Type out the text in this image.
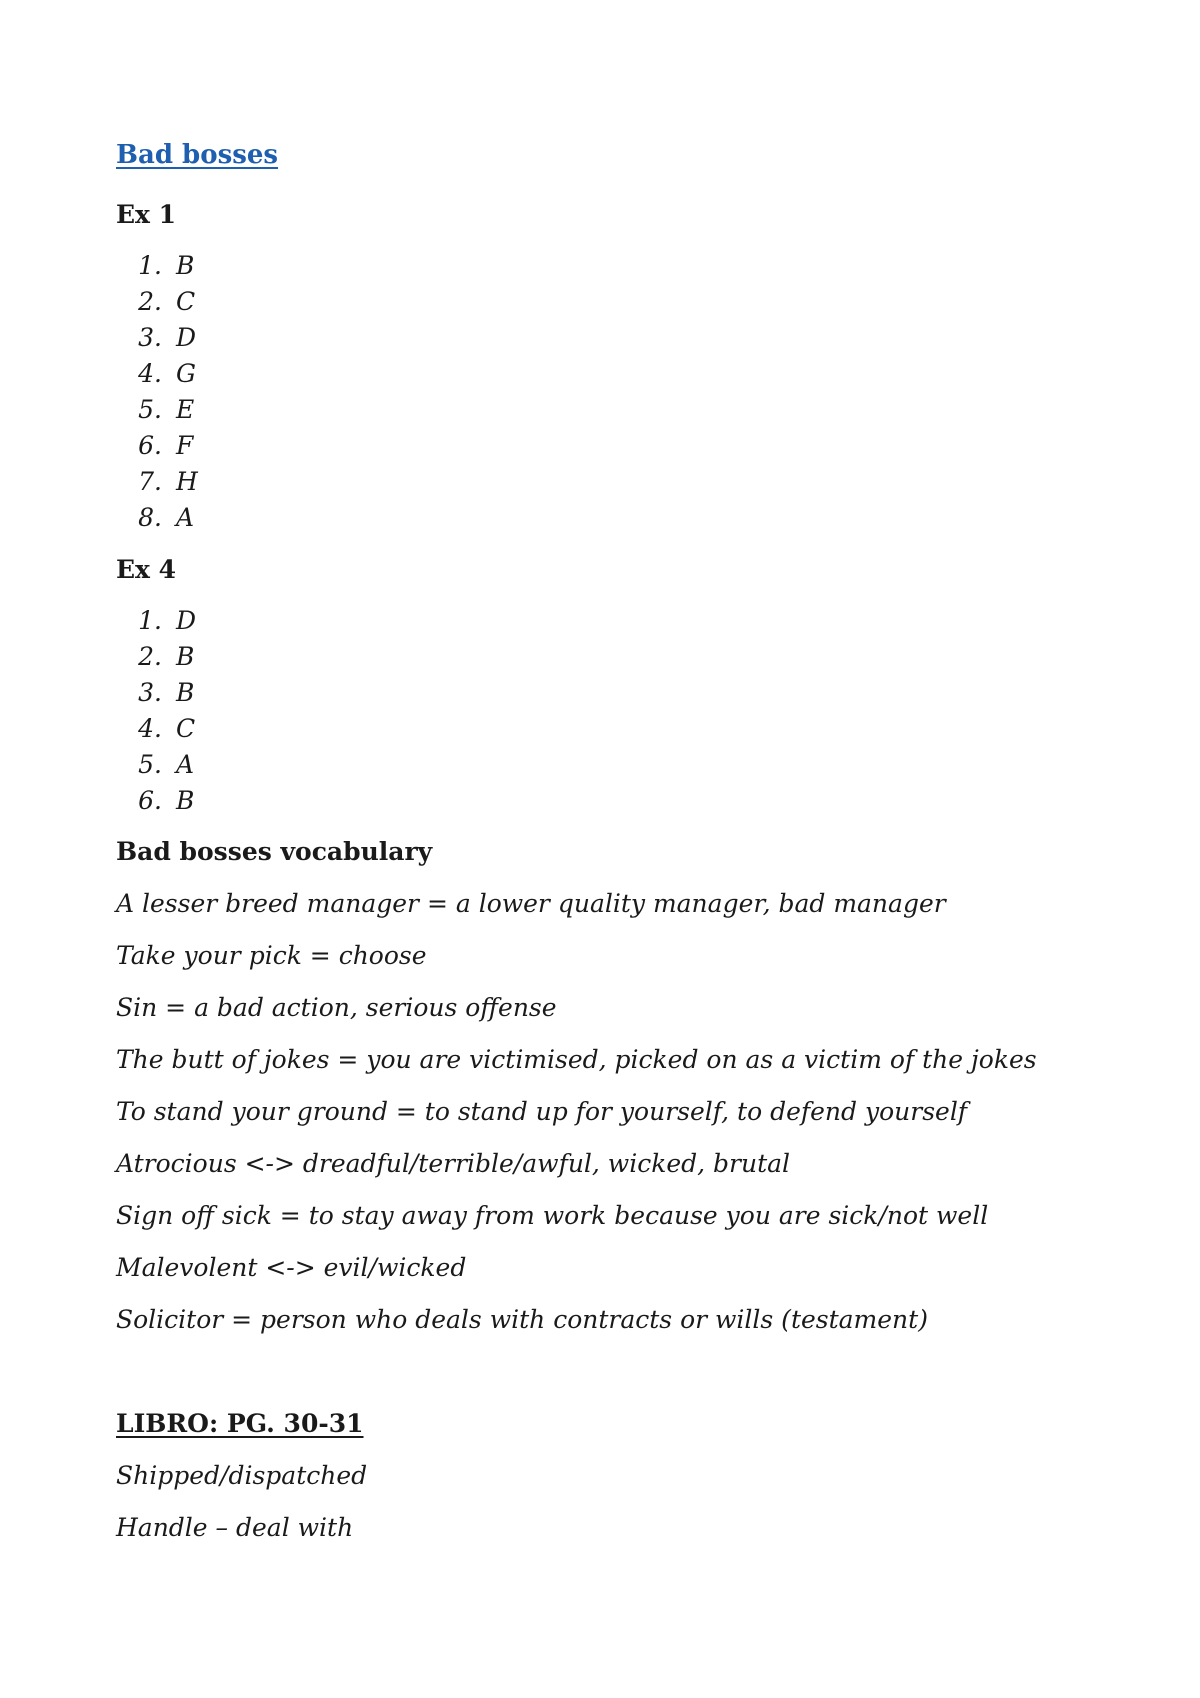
Bad bosses
Ex 1
1. B
2. C
3. D
4. G
5. E
6. F
7. H
8. A
Ex 4
1. D
2. B
3. B
4. C
5. A
6. B
Bad bosses vocabulary
A lesser breed manager = a lower quality manager, bad manager
Take your pick = choose
Sin = a bad action, serious offense
The butt of jokes = you are victimised, picked on as a victim of the jokes
To stand your ground = to stand up for yourself, to defend yourself
Atrocious <-> dreadful/terrible/awful, wicked, brutal
Sign off sick = to stay away from work because you are sick/not well
Malevolent <-> evil/wicked
Solicitor = person who deals with contracts or wills (testament)
LIBRO: PG. 30-31
Shipped/dispatched
Handle – deal with
